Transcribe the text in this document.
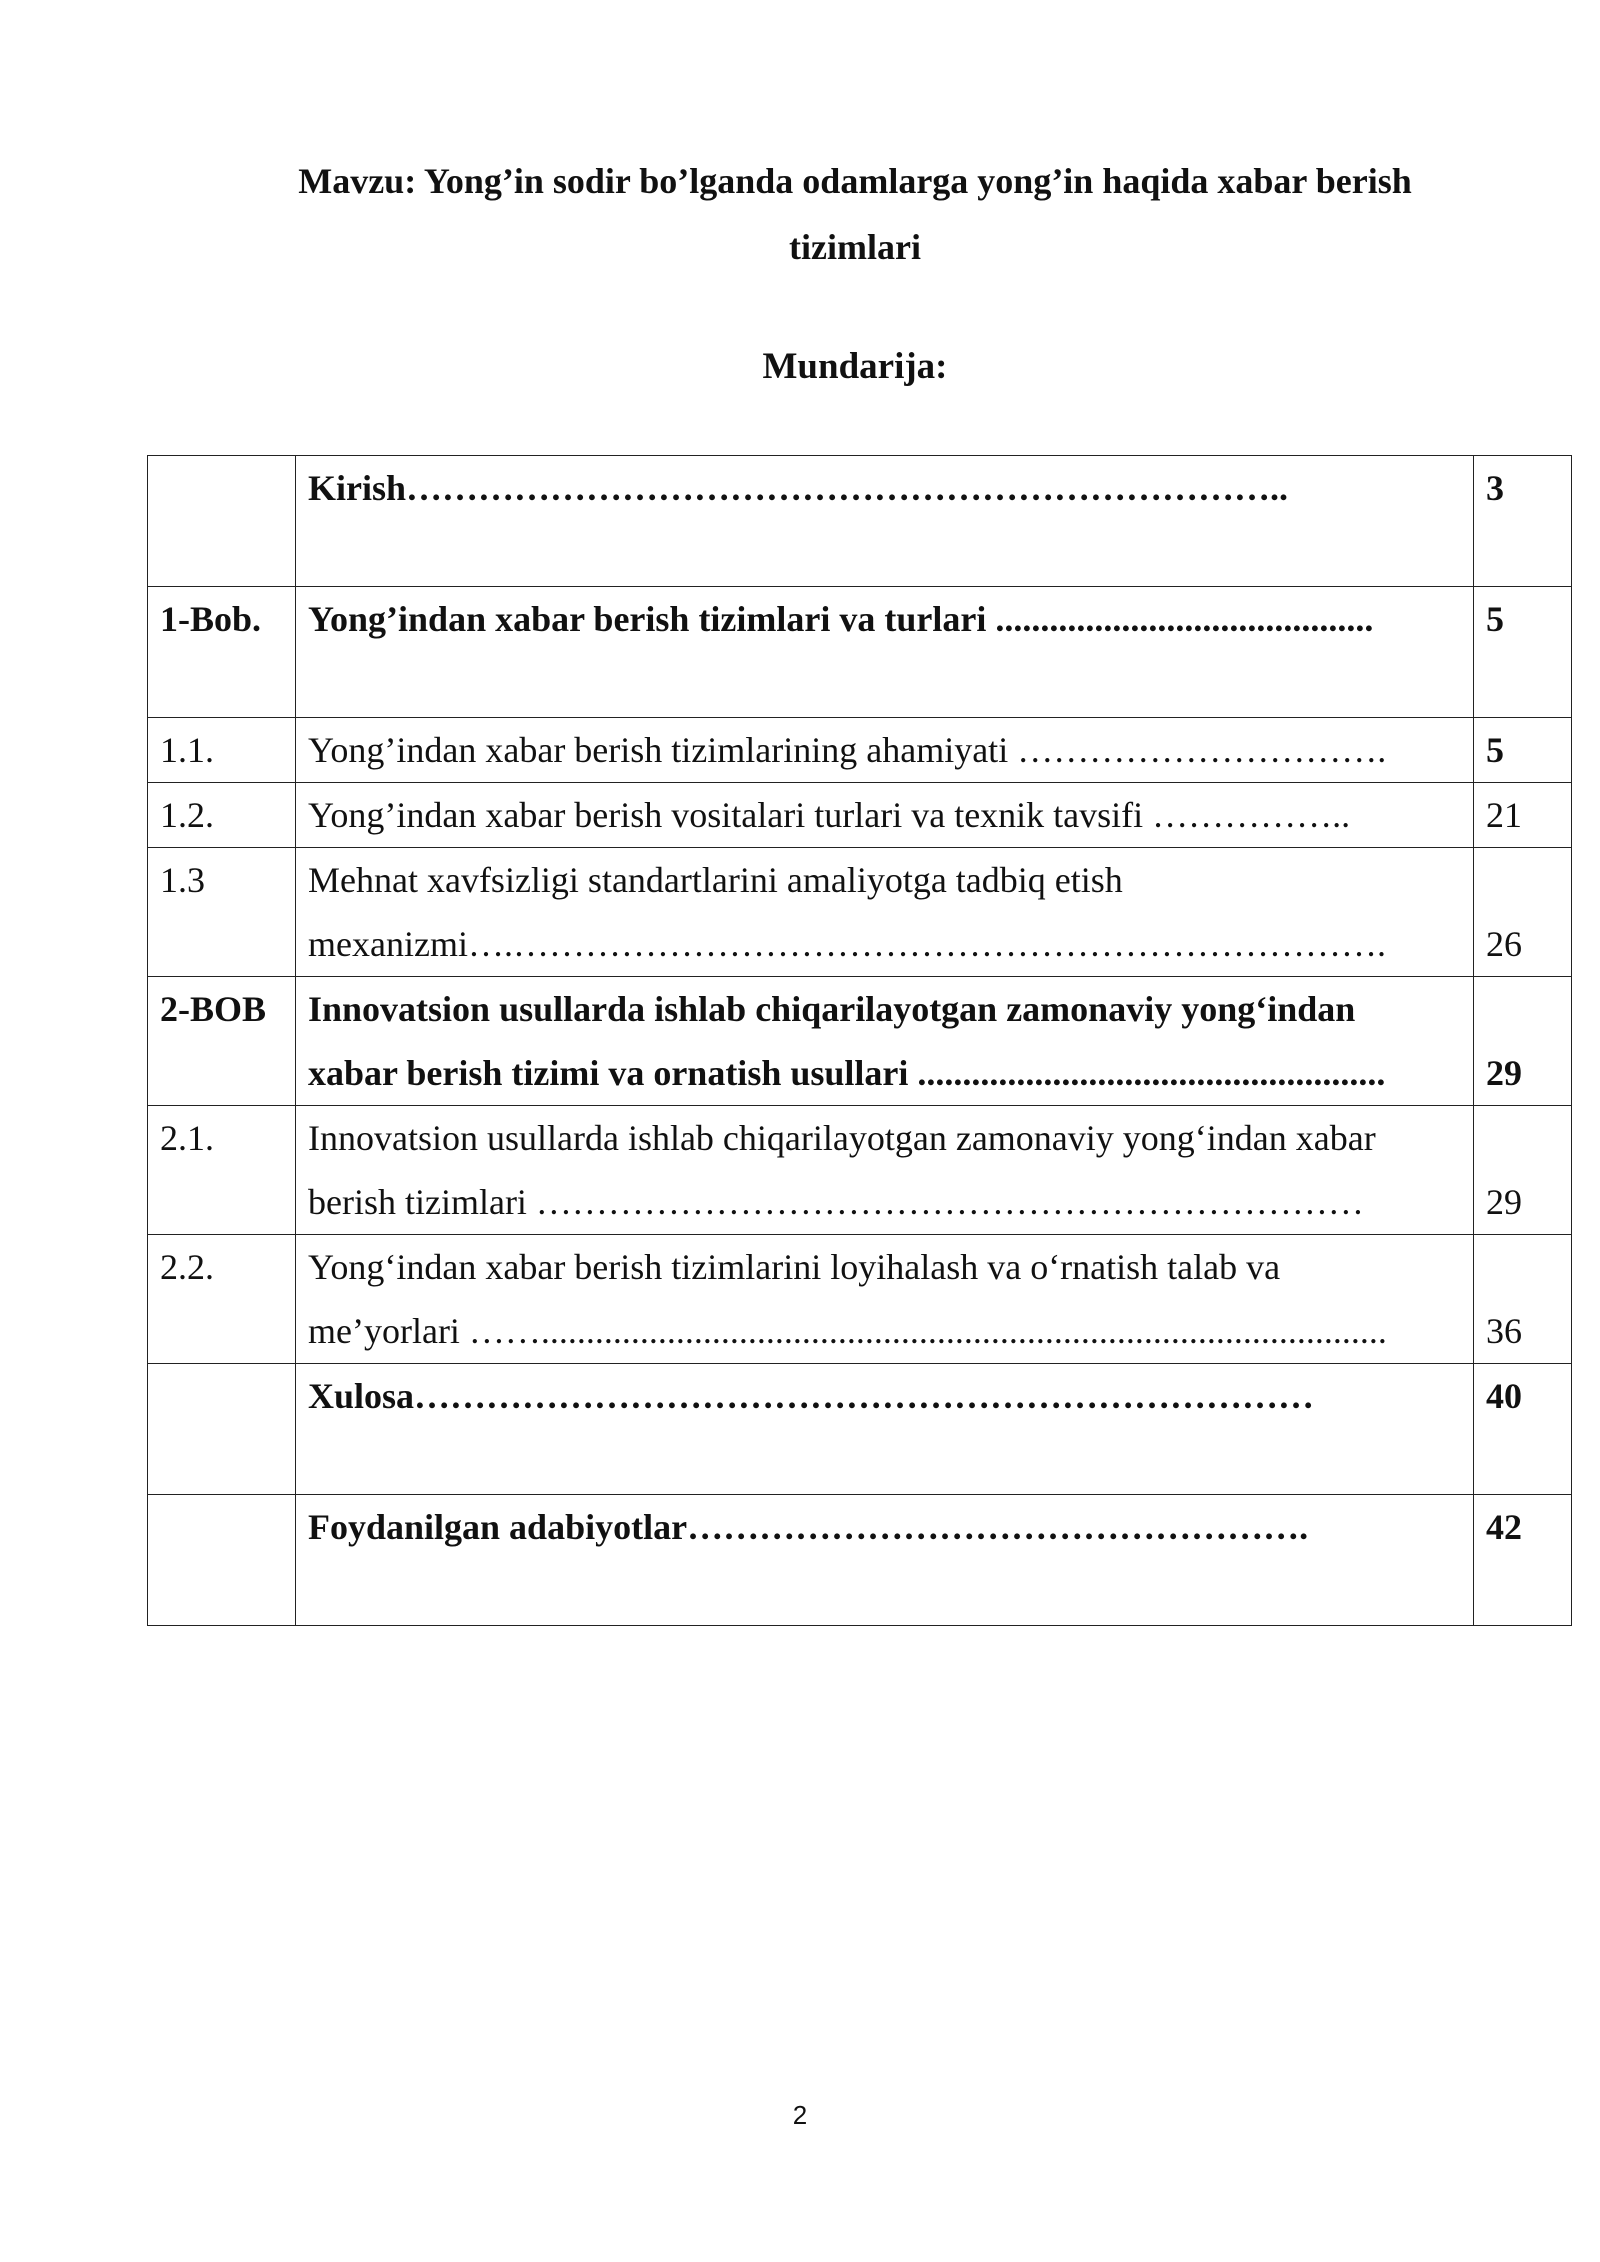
Mavzu: Yong’in sodir bo’lganda odamlarga yong’in haqida xabar berish
tizimlari
Mundarija:
	Kirish………………………………………………………………..	3
1-Bob.	Yong’indan xabar berish tizimlari va turlari ..........................................	5
1.1.	Yong’indan xabar berish tizimlarining ahamiyati ………………………….	5
1.2.	Yong’indan xabar berish vositalari turlari va texnik tavsifi ……………..	21
1.3	Mehnat xavfsizligi standartlarini amaliyotga tadbiq etish
mexanizmi….……………………………………………………………….	26

2-BOB	Innovatsion usullarda ishlab chiqarilayotgan zamonaviy yong‘indan
xabar berish tizimi va ornatish usullari ....................................................	29

2.1.	Innovatsion usullarda ishlab chiqarilayotgan zamonaviy yong‘indan xabar
berish tizimlari ……………………………………………………………	29

2.2.	Yong‘indan xabar berish tizimlarini loyihalash va o‘rnatish talab va
me’yorlari ……..............................................................................................	36

	Xulosa…………………………………………………………………	40
	Foydanilgan adabiyotlar…………………………………………….	42
2
